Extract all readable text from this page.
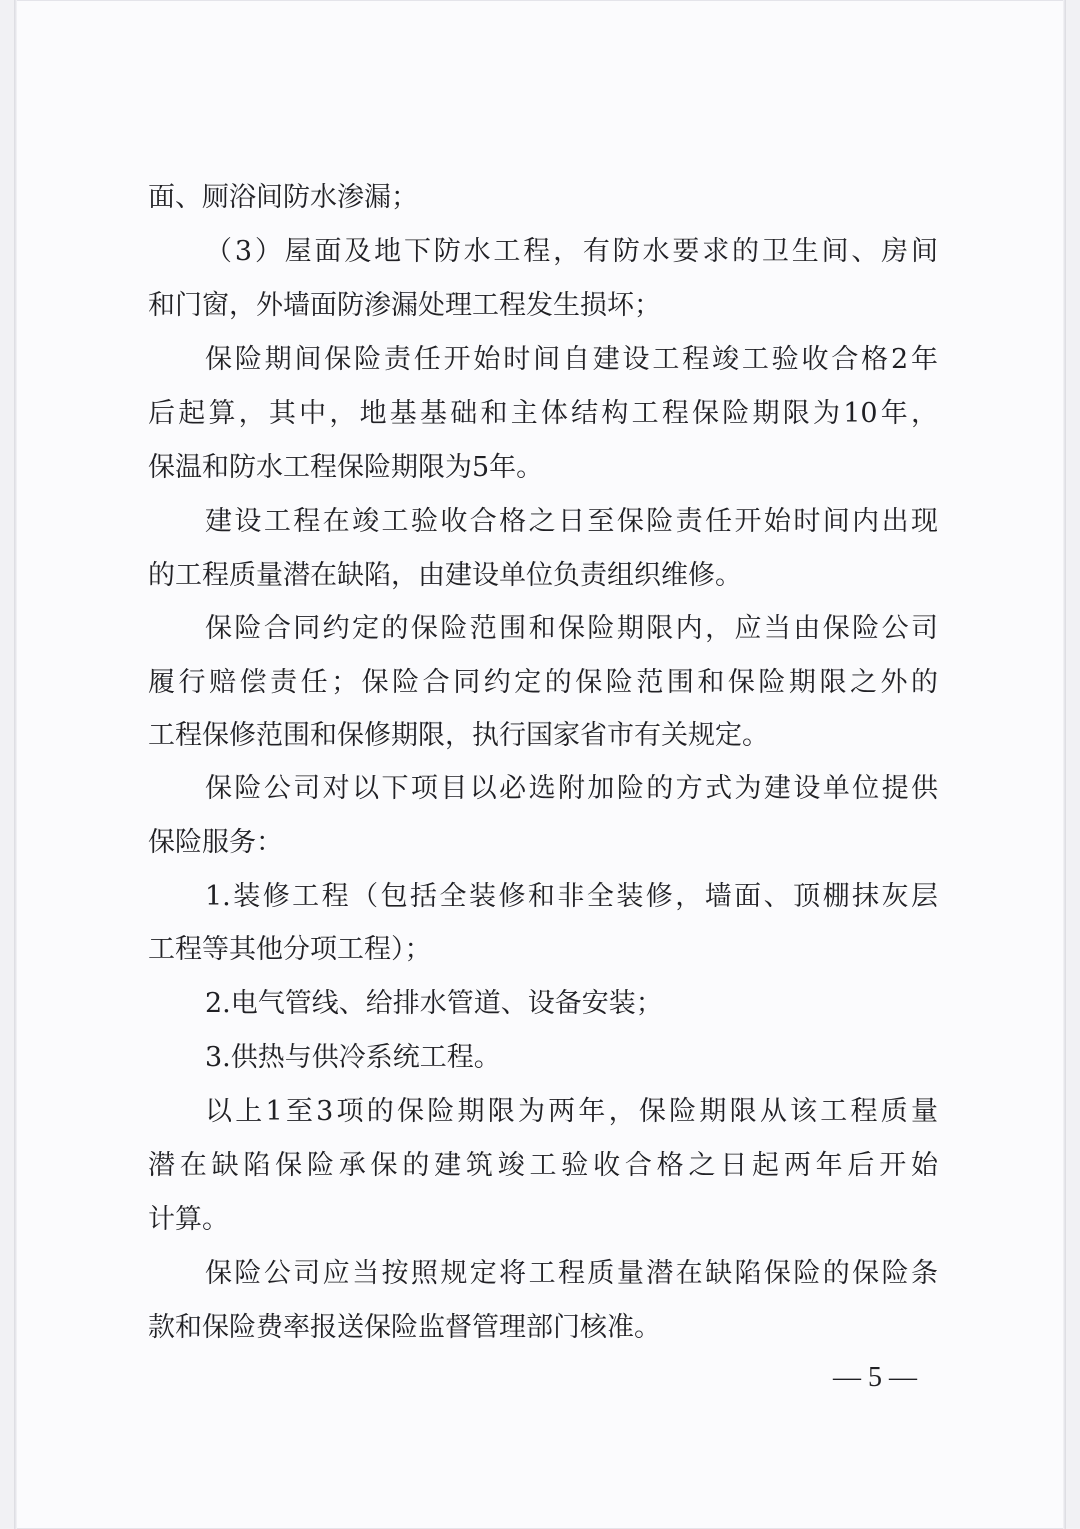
面、厕浴间防水渗漏；
（3）屋面及地下防水工程，有防水要求的卫生间、房间
和门窗，外墙面防渗漏处理工程发生损坏；
保险期间保险责任开始时间自建设工程竣工验收合格2年
后起算，其中，地基基础和主体结构工程保险期限为10年，
保温和防水工程保险期限为5年。
建设工程在竣工验收合格之日至保险责任开始时间内出现
的工程质量潜在缺陷，由建设单位负责组织维修。
保险合同约定的保险范围和保险期限内，应当由保险公司
履行赔偿责任；保险合同约定的保险范围和保险期限之外的
工程保修范围和保修期限，执行国家省市有关规定。
保险公司对以下项目以必选附加险的方式为建设单位提供
保险服务：
1.装修工程（包括全装修和非全装修，墙面、顶棚抹灰层
工程等其他分项工程）；
2.电气管线、给排水管道、设备安装；
3.供热与供冷系统工程。
以上1至3项的保险期限为两年，保险期限从该工程质量
潜在缺陷保险承保的建筑竣工验收合格之日起两年后开始
计算。
保险公司应当按照规定将工程质量潜在缺陷保险的保险条
款和保险费率报送保险监督管理部门核准。
— 5 —
